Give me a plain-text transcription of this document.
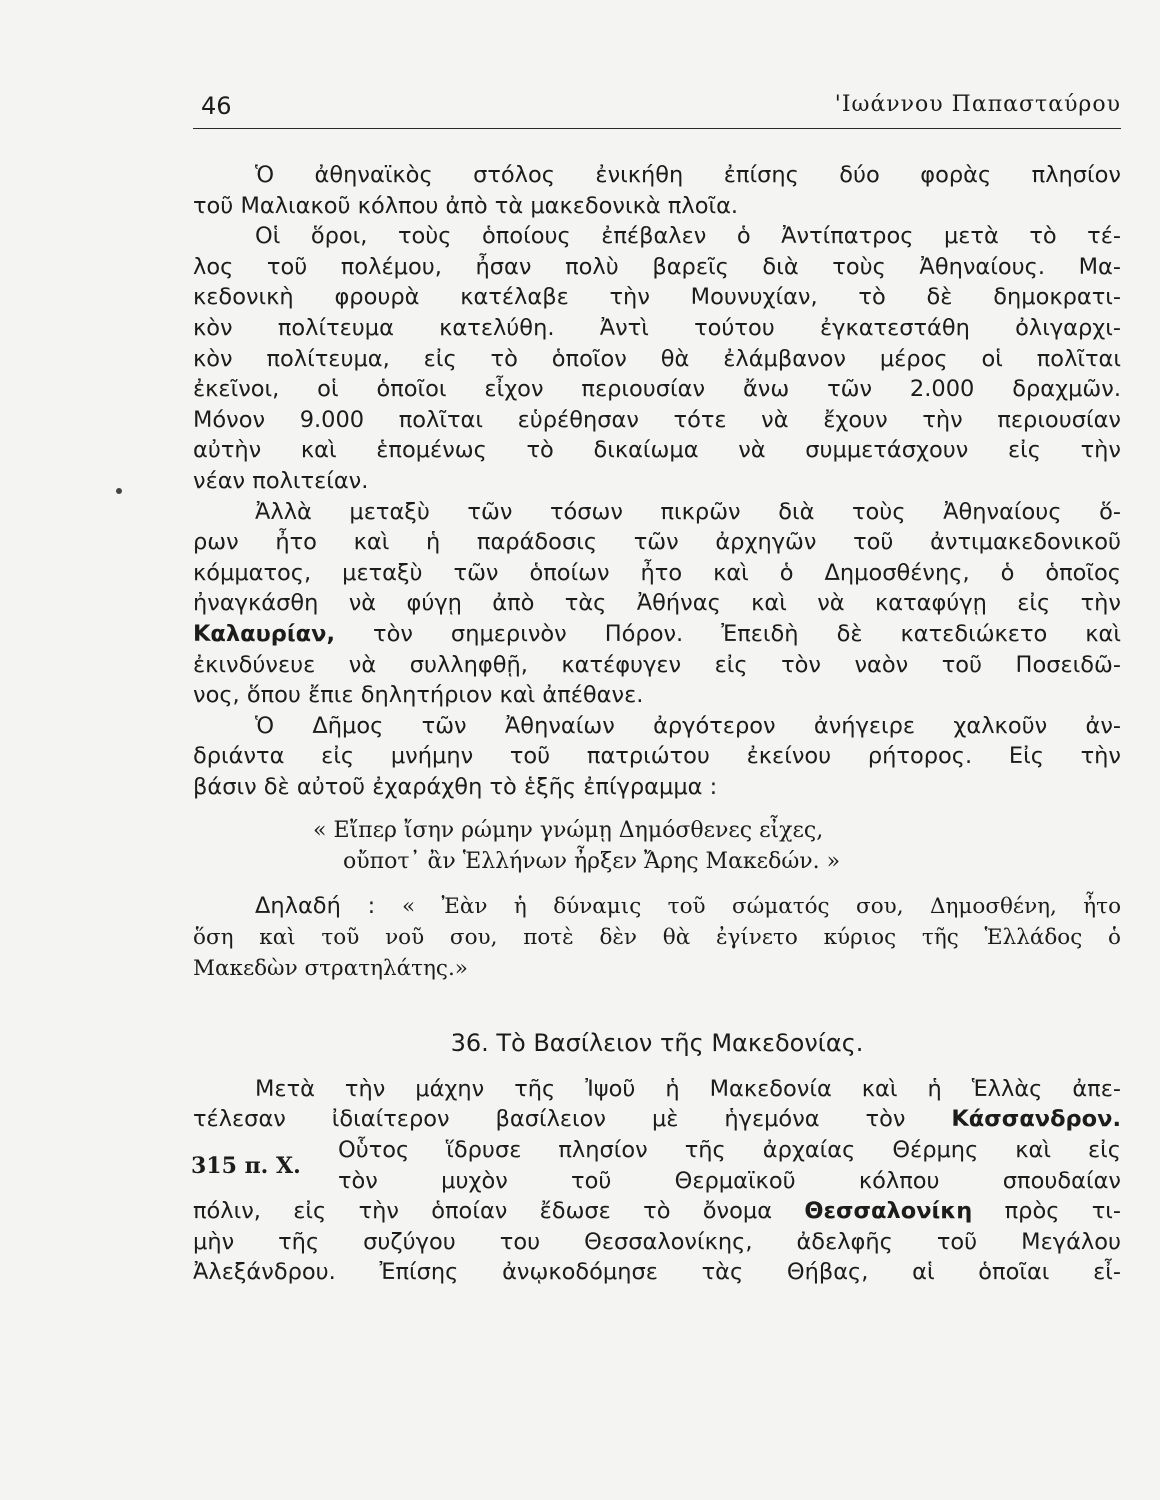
46	'Ιωάννου Παπασταύρου
Ὁ ἀθηναϊκὸς στόλος ἐνικήθη ἐπίσης δύο φορὰς πλησίον
τοῦ Μαλιακοῦ κόλπου ἀπὸ τὰ μακεδονικὰ πλοῖα.
Οἱ ὅροι, τοὺς ὁποίους ἐπέβαλεν ὁ Ἀντίπατρος μετὰ τὸ τέ-
λος τοῦ πολέμου, ἦσαν πολὺ βαρεῖς διὰ τοὺς Ἀθηναίους. Μα-
κεδονικὴ φρουρὰ κατέλαβε τὴν Μουνυχίαν, τὸ δὲ δημοκρατι-
κὸν πολίτευμα κατελύθη. Ἀντὶ τούτου ἐγκατεστάθη ὀλιγαρχι-
κὸν πολίτευμα, εἰς τὸ ὁποῖον θὰ ἐλάμβανον μέρος οἱ πολῖται
ἐκεῖνοι, οἱ ὁποῖοι εἶχον περιουσίαν ἄνω τῶν 2.000 δραχμῶν.
Μόνον 9.000 πολῖται εὑρέθησαν τότε νὰ ἔχουν τὴν περιουσίαν
αὐτὴν καὶ ἑπομένως τὸ δικαίωμα νὰ συμμετάσχουν εἰς τὴν
νέαν πολιτείαν.
Ἀλλὰ μεταξὺ τῶν τόσων πικρῶν διὰ τοὺς Ἀθηναίους ὅ-
ρων ἦτο καὶ ἡ παράδοσις τῶν ἀρχηγῶν τοῦ ἀντιμακεδονικοῦ
κόμματος, μεταξὺ τῶν ὁποίων ἦτο καὶ ὁ Δημοσθένης, ὁ ὁποῖος
ἠναγκάσθη νὰ φύγῃ ἀπὸ τὰς Ἀθήνας καὶ νὰ καταφύγῃ εἰς τὴν
Καλαυρίαν, τὸν σημερινὸν Πόρον. Ἐπειδὴ δὲ κατεδιώκετο καὶ
ἐκινδύνευε νὰ συλληφθῇ, κατέφυγεν εἰς τὸν ναὸν τοῦ Ποσειδῶ-
νος, ὅπου ἔπιε δηλητήριον καὶ ἀπέθανε.
Ὁ Δῆμος τῶν Ἀθηναίων ἀργότερον ἀνήγειρε χαλκοῦν ἀν-
δριάντα εἰς μνήμην τοῦ πατριώτου ἐκείνου ρήτορος. Εἰς τὴν
βάσιν δὲ αὐτοῦ ἐχαράχθη τὸ ἑξῆς ἐπίγραμμα :
« Εἴπερ ἴσην ρώμην γνώμῃ Δημόσθενες εἶχες,
οὔποτ᾽ ἂν Ἑλλήνων ἦρξεν Ἄρης Μακεδών. »
Δηλαδή : « Ἐὰν ἡ δύναμις τοῦ σώματός σου, Δημοσθένη, ἦτο
ὅση καὶ τοῦ νοῦ σου, ποτὲ δὲν θὰ ἐγίνετο κύριος τῆς Ἑλλάδος ὁ
Μακεδὼν στρατηλάτης.»
36. Τὸ Βασίλειον τῆς Μακεδονίας.
Μετὰ τὴν μάχην τῆς Ἰψοῦ ἡ Μακεδονία καὶ ἡ Ἑλλὰς ἀπε-
τέλεσαν ἰδιαίτερον βασίλειον μὲ ἡγεμόνα τὸν Κάσσανδρον.
315 π. Χ.
Οὗτος ἵδρυσε πλησίον τῆς ἀρχαίας Θέρμης καὶ εἰς
τὸν μυχὸν τοῦ Θερμαϊκοῦ κόλπου σπουδαίαν
πόλιν, εἰς τὴν ὁποίαν ἔδωσε τὸ ὄνομα Θεσσαλονίκη πρὸς τι-
μὴν τῆς συζύγου του Θεσσαλονίκης, ἀδελφῆς τοῦ Μεγάλου
Ἀλεξάνδρου. Ἐπίσης ἀνῳκοδόμησε τὰς Θήβας, αἱ ὁποῖαι εἶ-
